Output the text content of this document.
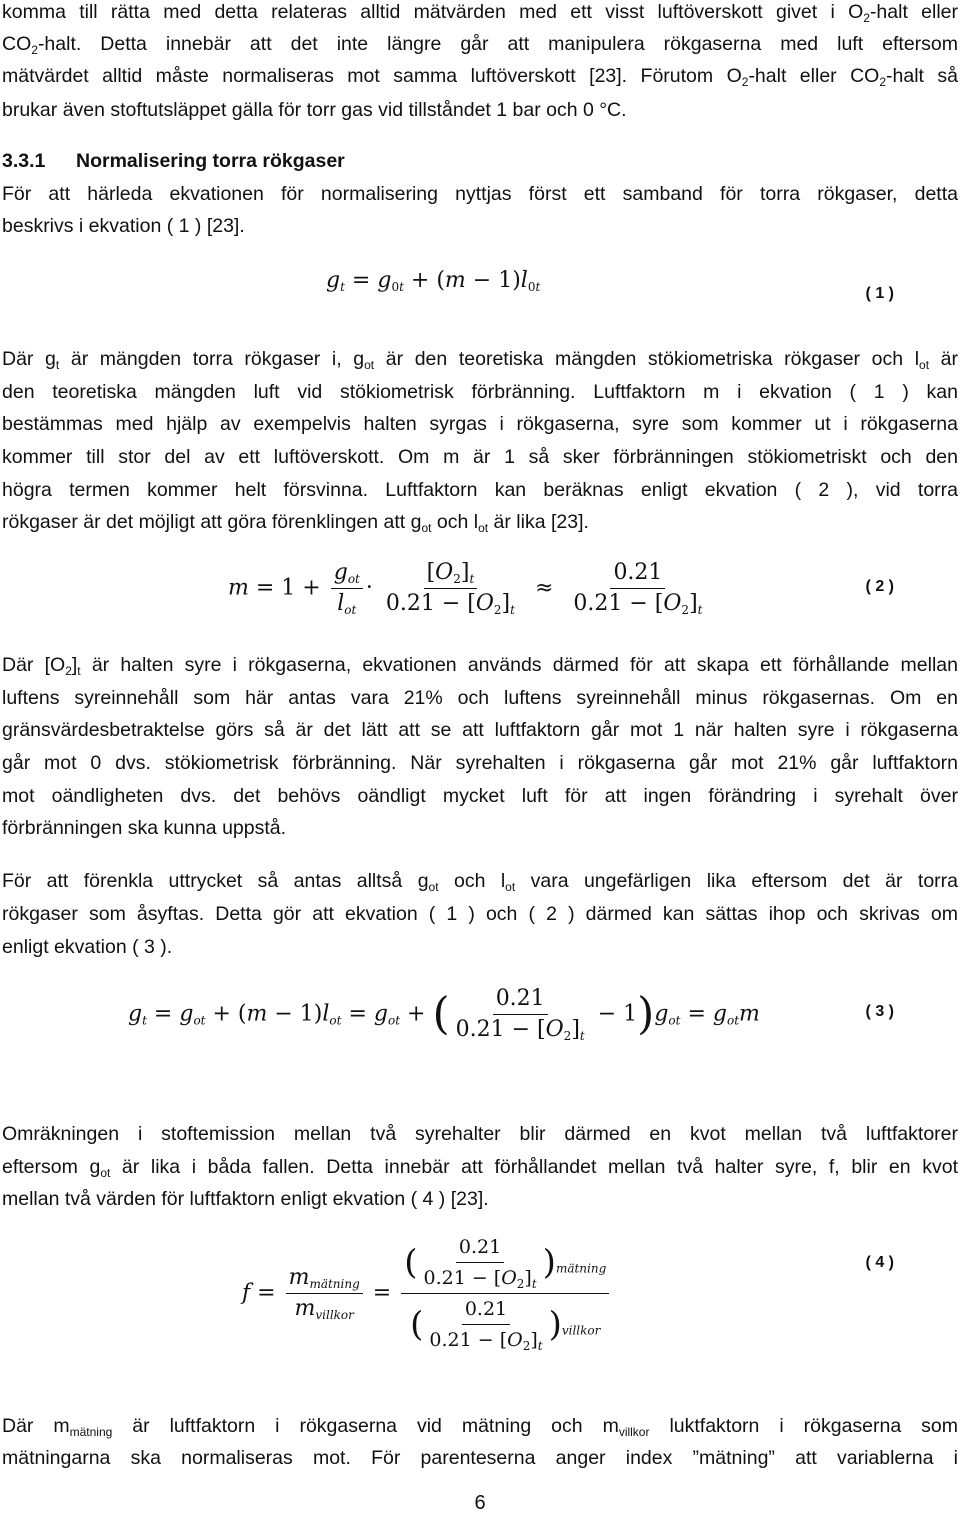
komma till rätta med detta relateras alltid mätvärden med ett visst luftöverskott givet i $O_2$-halt eller
$CO_2$-halt. Detta innebär att det inte längre går att manipulera rökgaserna med luft eftersom
mätvärdet alltid måste normaliseras mot samma luftöverskott [23]. Förutom $O_2$-halt eller $CO_2$-halt så
brukar även stoftutsläppet gälla för torr gas vid tillståndet 1 bar och 0 °C.
3.3.1 Normalisering torra rökgaser
För att härleda ekvationen för normalisering nyttjas först ett samband för torra rökgaser, detta
beskrivs i ekvation ( 1 ) [23].
$g_t = g_{0t} + (m - 1)l_{0t}$	( 1 )
Där $g_t$ är mängden torra rökgaser i, $g_{ot}$ är den teoretiska mängden stökiometriska rökgaser och $l_{ot}$ är
den teoretiska mängden luft vid stökiometrisk förbränning. Luftfaktorn m i ekvation ( 1 ) kan
bestämmas med hjälp av exempelvis halten syrgas i rökgaserna, syre som kommer ut i rökgaserna
kommer till stor del av ett luftöverskott. Om m är 1 så sker förbränningen stökiometriskt och den
högra termen kommer helt försvinna. Luftfaktorn kan beräknas enligt ekvation ( 2 ), vid torra
rökgaser är det möjligt att göra förenklingen att $g_{ot}$ och $l_{ot}$ är lika [23].
$m = 1 + \frac{g_{ot}}{l_{ot}} \cdot \frac{[O_2]_t}{0.21 - [O_2]_t} \approx \frac{0.21}{0.21 - [O_2]_t}$	( 2 )
Där $[O_2]_t$ är halten syre i rökgaserna, ekvationen används därmed för att skapa ett förhållande mellan
luftens syreinnehåll som här antas vara 21% och luftens syreinnehåll minus rökgasernas. Om en
gränsvärdesbetraktelse görs så är det lätt att se att luftfaktorn går mot 1 när halten syre i rökgaserna
går mot 0 dvs. stökiometrisk förbränning. När syrehalten i rökgaserna går mot 21% går luftfaktorn
mot oändligheten dvs. det behövs oändligt mycket luft för att ingen förändring i syrehalt över
förbränningen ska kunna uppstå.
För att förenkla uttrycket så antas alltså $g_{ot}$ och $l_{ot}$ vara ungefärligen lika eftersom det är torra
rökgaser som åsyftas. Detta gör att ekvation ( 1 ) och ( 2 ) därmed kan sättas ihop och skrivas om
enligt ekvation ( 3 ).
$g_t = g_{ot} + (m - 1)l_{ot} = g_{ot}$ + ( $\frac{0.21}{0.21 - [O_2]_t} - 1)g_{ot} = g_{ot}m$	( 3 )
Omräkningen i stoftemission mellan två syrehalter blir därmed en kvot mellan två luftfaktorer
eftersom $g_{ot}$ är lika i båda fallen. Detta innebär att förhållandet mellan två halter syre, f, blir en kvot
mellan två värden för luftfaktorn enligt ekvation ( 4 ) [23].
$f = \frac{m_{mätning}}{m_{villkor}} = \frac{( \frac{0.21}{0.21 - [O_2]_t} )_{mätning}}{( \frac{0.21}{0.21 - [O_2]_t} )_{villkor}}$	( 4 )
Där $m_{mätning}$ är luftfaktorn i rökgaserna vid mätning och $m_{villkor}$ luktfaktorn i rökgaserna som
mätningarna ska normaliseras mot. För parenteserna anger index ”mätning” att variablerna i
6
